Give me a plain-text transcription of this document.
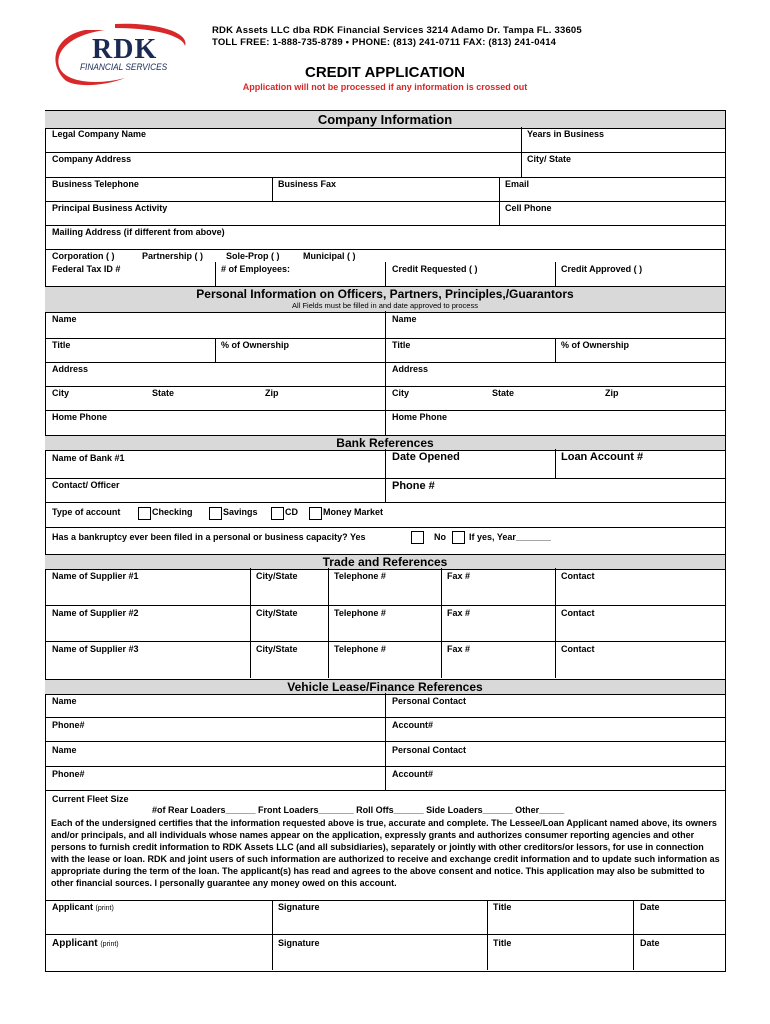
RDK
FINANCIAL SERVICES
RDK Assets LLC dba RDK Financial Services 3214 Adamo Dr. Tampa FL. 33605
TOLL FREE: 1-888-735-8789 • PHONE: (813) 241-0711 FAX: (813) 241-0414
CREDIT APPLICATION
Application will not be processed if any information is crossed out
Company Information
Legal Company Name	Years in Business
Company Address	City/ State
Business Telephone	Business Fax	Email
Principal Business Activity	Cell Phone
Mailing Address (if different from above)
Corporation ( )	Partnership ( )	Sole-Prop ( )	Municipal ( )
Federal Tax ID #	# of Employees:	Credit Requested ( )	Credit Approved ( )
Personal Information on Officers, Partners, Principles,/Guarantors
All Fields must be filled in and date approved to process
Name	Name
Title	% of Ownership	Title	% of Ownership
Address	Address
City	State	Zip	City	State	Zip
Home Phone	Home Phone
Bank References
Name of Bank #1	Date Opened	Loan Account #
Contact/ Officer	Phone #
Type of account	Checking	Savings	CD	Money Market
Has a bankruptcy ever been filed in a personal or business capacity? Yes	No	If yes, Year_______
Trade and References
Name of Supplier #1	City/State	Telephone #	Fax #	Contact
Name of Supplier #2	City/State	Telephone #	Fax #	Contact
Name of Supplier #3	City/State	Telephone #	Fax #	Contact
Vehicle Lease/Finance References
Name	Personal Contact
Phone#	Account#
Name	Personal Contact
Phone#	Account#
Current Fleet Size
#of Rear Loaders______ Front Loaders_______ Roll Offs______ Side Loaders______ Other_____
Each of the undersigned certifies that the information requested above is true, accurate and complete. The Lessee/Loan Applicant named above, its owners and/or principals, and all individuals whose names appear on the application, expressly grants and authorizes consumer reporting agencies and other persons to furnish credit information to RDK Assets LLC (and all subsidiaries), separately or jointly with other creditors/or lessors, for use in connection with the lease or loan. RDK and joint users of such information are authorized to receive and exchange credit information and to update such information as appropriate during the term of the loan. The applicant(s) has read and agrees to the above consent and notice. This application may also be submitted to other financial sources. I personally guarantee any money owed on this account.
Applicant (print)	Signature	Title	Date
Applicant (print)	Signature	Title	Date
